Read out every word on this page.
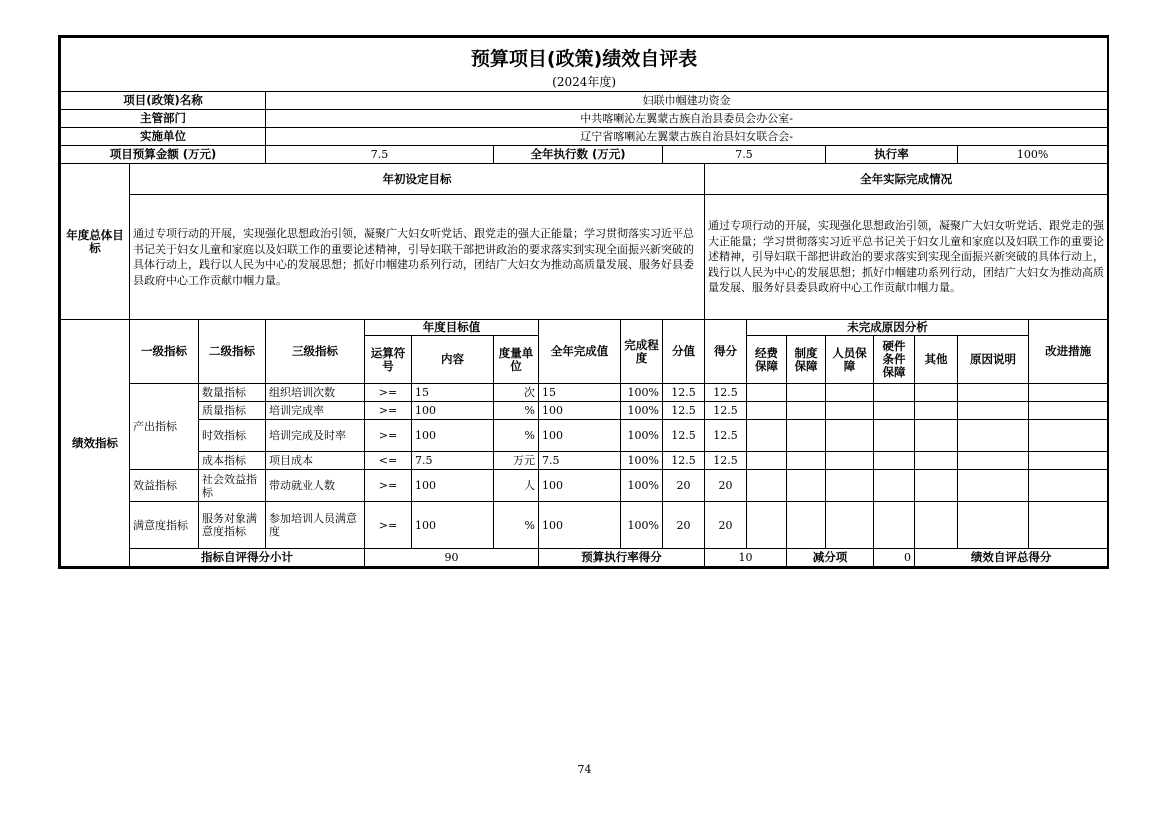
预算项目(政策)绩效自评表																		
(2024年度)																		
项目(政策)名称			妇联巾帼建功资金															
主管部门			中共喀喇沁左翼蒙古族自治县委员会办公室-															
实施单位			辽宁省喀喇沁左翼蒙古族自治县妇女联合会-															
项目预算金额 (万元)			7.5			全年执行数 (万元)			7.5				执行率			100%		
年度总体目标	年初设定目标									全年实际完成情况								
	通过专项行动的开展，实现强化思想政治引领，凝聚广大妇女听党话、跟党走的强大正能量；学习贯彻落实习近平总书记关于妇女儿童和家庭以及妇联工作的重要论述精神，引导妇联干部把讲政治的要求落实到实现全面振兴新突破的具体行动上，践行以人民为中心的发展思想；抓好巾帼建功系列行动，团结广大妇女为推动高质量发展、服务好县委县政府中心工作贡献巾帼力量。									通过专项行动的开展，实现强化思想政治引领，凝聚广大妇女听党话、跟党走的强大正能量；学习贯彻落实习近平总书记关于妇女儿童和家庭以及妇联工作的重要论述精神，引导妇联干部把讲政治的要求落实到实现全面振兴新突破的具体行动上，践行以人民为中心的发展思想；抓好巾帼建功系列行动，团结广大妇女为推动高质量发展、服务好县委县政府中心工作贡献巾帼力量。								
绩效指标	一级指标	二级指标	三级指标	年度目标值			全年完成值	完成程度	分值	得分	未完成原因分析						改进措施	
				运算符号	内容	度量单位					经费保障	制度保障	人员保障	硬件条件保障	其他	原因说明		
	产出指标	数量指标	组织培训次数	>=	15	次	15	100%	12.5	12.5								
		质量指标	培训完成率	>=	100	%	100	100%	12.5	12.5								
		时效指标	培训完成及时率	>=	100	%	100	100%	12.5	12.5								
		成本指标	项目成本	<=	7.5	万元	7.5	100%	12.5	12.5								
	效益指标	社会效益指标	带动就业人数	>=	100	人	100	100%	20	20								
	满意度指标	服务对象满意度指标	参加培训人员满意度	>=	100	%	100	100%	20	20								
	指标自评得分小计			90			预算执行率得分			10		减分项		0	绩效自评总得分	
74
